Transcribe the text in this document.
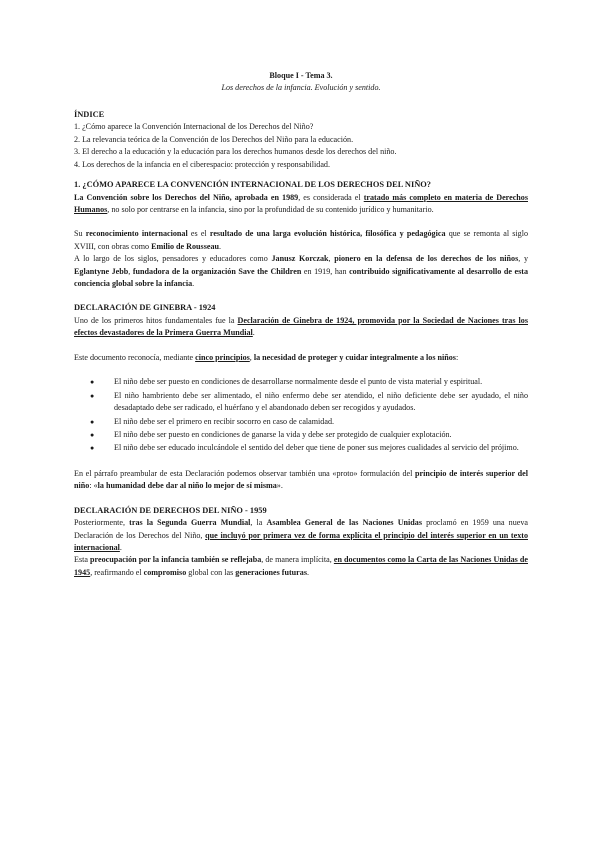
Bloque I - Tema 3.

Los derechos de la infancia. Evolución y sentido.

ÍNDICE

1. ¿Cómo aparece la Convención Internacional de los Derechos del Niño?

2. La relevancia teórica de la Convención de los Derechos del Niño para la educación.

3. El derecho a la educación y la educación para los derechos humanos desde los derechos del niño.

4. Los derechos de la infancia en el ciberespacio: protección y responsabilidad.

1. ¿CÓMO APARECE LA CONVENCIÓN INTERNACIONAL DE LOS DERECHOS DEL NIÑO?

La Convención sobre los Derechos del Niño, aprobada en 1989, es considerada el tratado más completo en materia de Derechos Humanos, no solo por centrarse en la infancia, sino por la profundidad de su contenido jurídico y humanitario.

Su reconocimiento internacional es el resultado de una larga evolución histórica, filosófica y pedagógica que se remonta al siglo XVIII, con obras como Emilio de Rousseau.

A lo largo de los siglos, pensadores y educadores como Janusz Korczak, pionero en la defensa de los derechos de los niños, y Eglantyne Jebb, fundadora de la organización Save the Children en 1919, han contribuido significativamente al desarrollo de esta conciencia global sobre la infancia.

DECLARACIÓN DE GINEBRA - 1924

Uno de los primeros hitos fundamentales fue la Declaración de Ginebra de 1924, promovida por la Sociedad de Naciones tras los efectos devastadores de la Primera Guerra Mundial.

Este documento reconocía, mediante cinco principios, la necesidad de proteger y cuidar integralmente a los niños:

● El niño debe ser puesto en condiciones de desarrollarse normalmente desde el punto de vista material y espiritual.
● El niño hambriento debe ser alimentado, el niño enfermo debe ser atendido, el niño deficiente debe ser ayudado, el niño desadaptado debe ser radicado, el huérfano y el abandonado deben ser recogidos y ayudados.
● El niño debe ser el primero en recibir socorro en caso de calamidad.
● El niño debe ser puesto en condiciones de ganarse la vida y debe ser protegido de cualquier explotación.
● El niño debe ser educado inculcándole el sentido del deber que tiene de poner sus mejores cualidades al servicio del prójimo.

En el párrafo preambular de esta Declaración podemos observar también una «proto» formulación del principio de interés superior del niño: «la humanidad debe dar al niño lo mejor de sí misma».

DECLARACIÓN DE DERECHOS DEL NIÑO - 1959

Posteriormente, tras la Segunda Guerra Mundial, la Asamblea General de las Naciones Unidas proclamó en 1959 una nueva Declaración de los Derechos del Niño, que incluyó por primera vez de forma explícita el principio del interés superior en un texto internacional.

Esta preocupación por la infancia también se reflejaba, de manera implícita, en documentos como la Carta de las Naciones Unidas de 1945, reafirmando el compromiso global con las generaciones futuras.
